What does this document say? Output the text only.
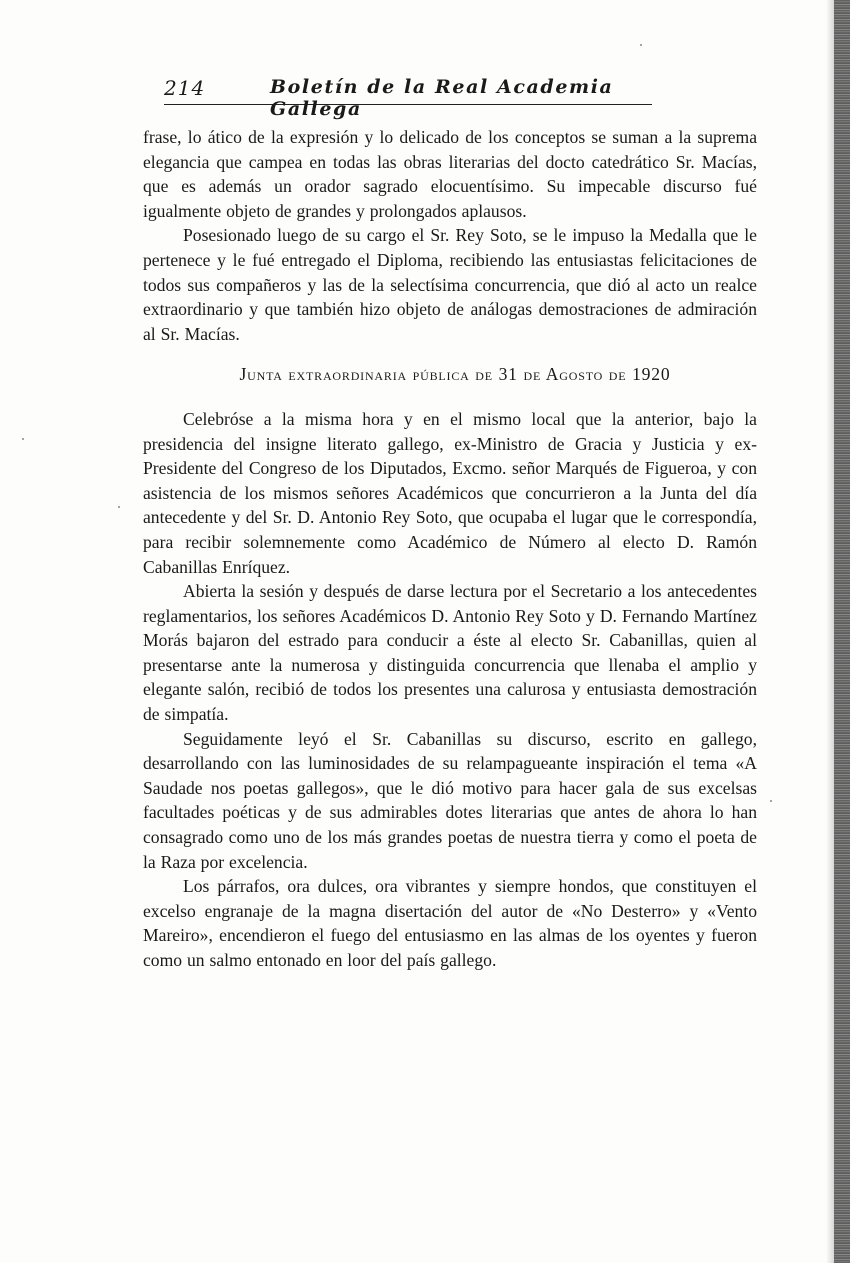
214	Boletín de la Real Academia Gallega

frase, lo ático de la expresión y lo delicado de los conceptos se suman a la suprema elegancia que campea en todas las obras literarias del docto catedrático Sr. Macías, que es además un orador sagrado elocuentísimo. Su impecable discurso fué igualmente objeto de grandes y prolongados aplausos.

Posesionado luego de su cargo el Sr. Rey Soto, se le impuso la Medalla que le pertenece y le fué entregado el Diploma, recibiendo las entusiastas felicitaciones de todos sus compañeros y las de la selectísima concurrencia, que dió al acto un realce extraordinario y que también hizo objeto de análogas demostraciones de admiración al Sr. Macías.

Junta extraordinaria pública de 31 de Agosto de 1920

Celebróse a la misma hora y en el mismo local que la anterior, bajo la presidencia del insigne literato gallego, ex-Ministro de Gracia y Justicia y ex-Presidente del Congreso de los Diputados, Excmo. señor Marqués de Figueroa, y con asistencia de los mismos señores Académicos que concurrieron a la Junta del día antecedente y del Sr. D. Antonio Rey Soto, que ocupaba el lugar que le correspondía, para recibir solemnemente como Académico de Número al electo D. Ramón Cabanillas Enríquez.

Abierta la sesión y después de darse lectura por el Secretario a los antecedentes reglamentarios, los señores Académicos D. Antonio Rey Soto y D. Fernando Martínez Morás bajaron del estrado para conducir a éste al electo Sr. Cabanillas, quien al presentarse ante la numerosa y distinguida concurrencia que llenaba el amplio y elegante salón, recibió de todos los presentes una calurosa y entusiasta demostración de simpatía.

Seguidamente leyó el Sr. Cabanillas su discurso, escrito en gallego, desarrollando con las luminosidades de su relampagueante inspiración el tema «A Saudade nos poetas gallegos», que le dió motivo para hacer gala de sus excelsas facultades poéticas y de sus admirables dotes literarias que antes de ahora lo han consagrado como uno de los más grandes poetas de nuestra tierra y como el poeta de la Raza por excelencia.

Los párrafos, ora dulces, ora vibrantes y siempre hondos, que constituyen el excelso engranaje de la magna disertación del autor de «No Desterro» y «Vento Mareiro», encendieron el fuego del entusiasmo en las almas de los oyentes y fueron como un salmo entonado en loor del país gallego.
